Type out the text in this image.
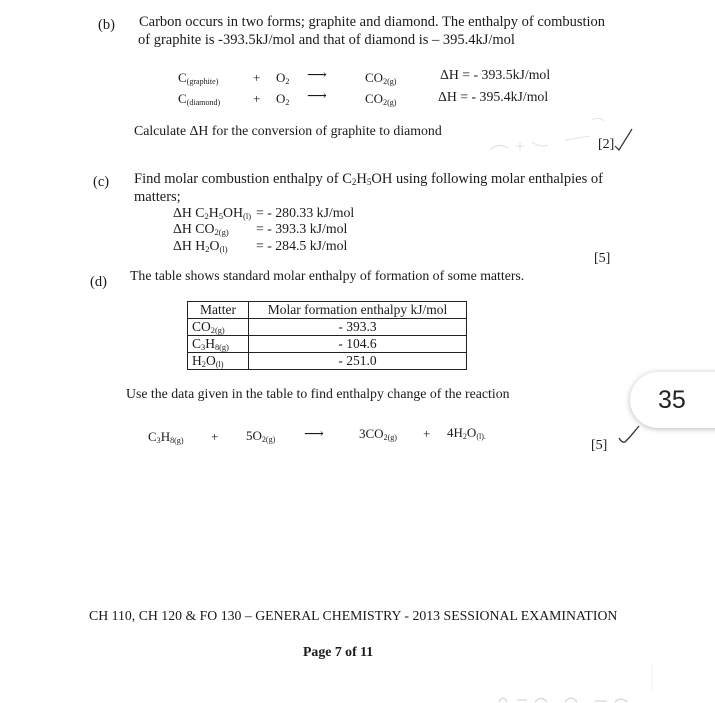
(b) Carbon occurs in two forms; graphite and diamond. The enthalpy of combustion
of graphite is -393.5kJ/mol and that of diamond is – 395.4kJ/mol
$C_{(graphite)}$	+ $O_2$ ⟶	$CO_{2(g)}$	ΔH = - 393.5kJ/mol
$C_{(diamond)}$	+ $O_2$ ⟶	$CO_{2(g)}$	ΔH = - 395.4kJ/mol
Calculate ΔH for the conversion of graphite to diamond
[2]
(c) Find molar combustion enthalpy of $C_2H_5OH$ using following molar enthalpies of
matters;
ΔH $C_2H_5OH_{(l)}$ = - 280.33 kJ/mol
ΔH $CO_{2(g)}$ = - 393.3 kJ/mol
ΔH $H_2O_{(l)}$ = - 284.5 kJ/mol
[5]
(d) The table shows standard molar enthalpy of formation of some matters.
Matter	Molar formation enthalpy kJ/mol
$CO_{2(g)}$	- 393.3
$C_3H_{8(g)}$	- 104.6
$H_2O_{(l)}$	- 251.0
Use the data given in the table to find enthalpy change of the reaction
$C_3H_{8(g)} + 5O_{2(g)}$ ⟶	$3CO_{2(g)} + 4H_2O_{(l).}$
[5]
35
CH 110, CH 120 & FO 130 – GENERAL CHEMISTRY - 2013 SESSIONAL EXAMINATION
Page 7 of 11
